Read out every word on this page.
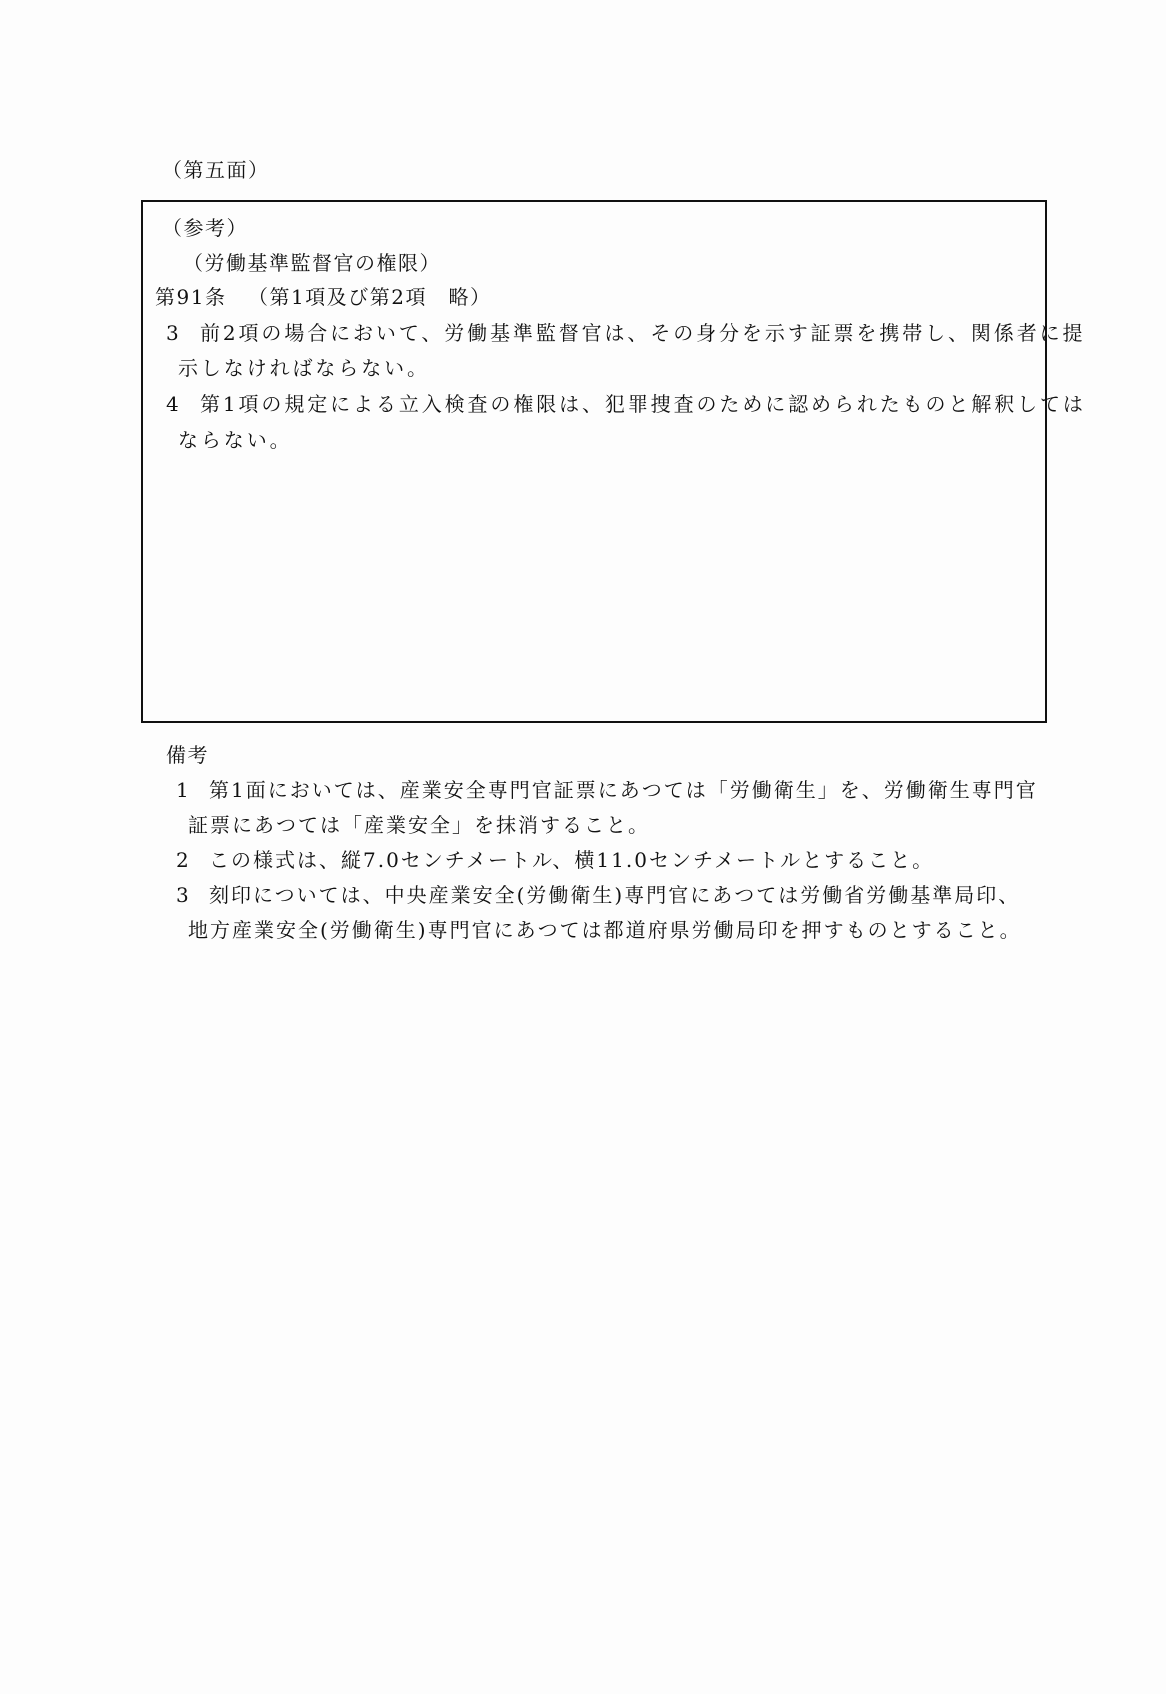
（第五面）
（参考）
（労働基準監督官の権限）
第91条 （第1項及び第2項　略）
3 前2項の場合において、労働基準監督官は、その身分を示す証票を携帯し、関係者に提
示しなければならない。
4 第1項の規定による立入検査の権限は、犯罪捜査のために認められたものと解釈しては
ならない。
備考
1 第1面においては、産業安全専門官証票にあつては「労働衛生」を、労働衛生専門官
証票にあつては「産業安全」を抹消すること。
2 この様式は、縦7.0センチメートル、横11.0センチメートルとすること。
3 刻印については、中央産業安全(労働衛生)専門官にあつては労働省労働基準局印、
地方産業安全(労働衛生)専門官にあつては都道府県労働局印を押すものとすること。
